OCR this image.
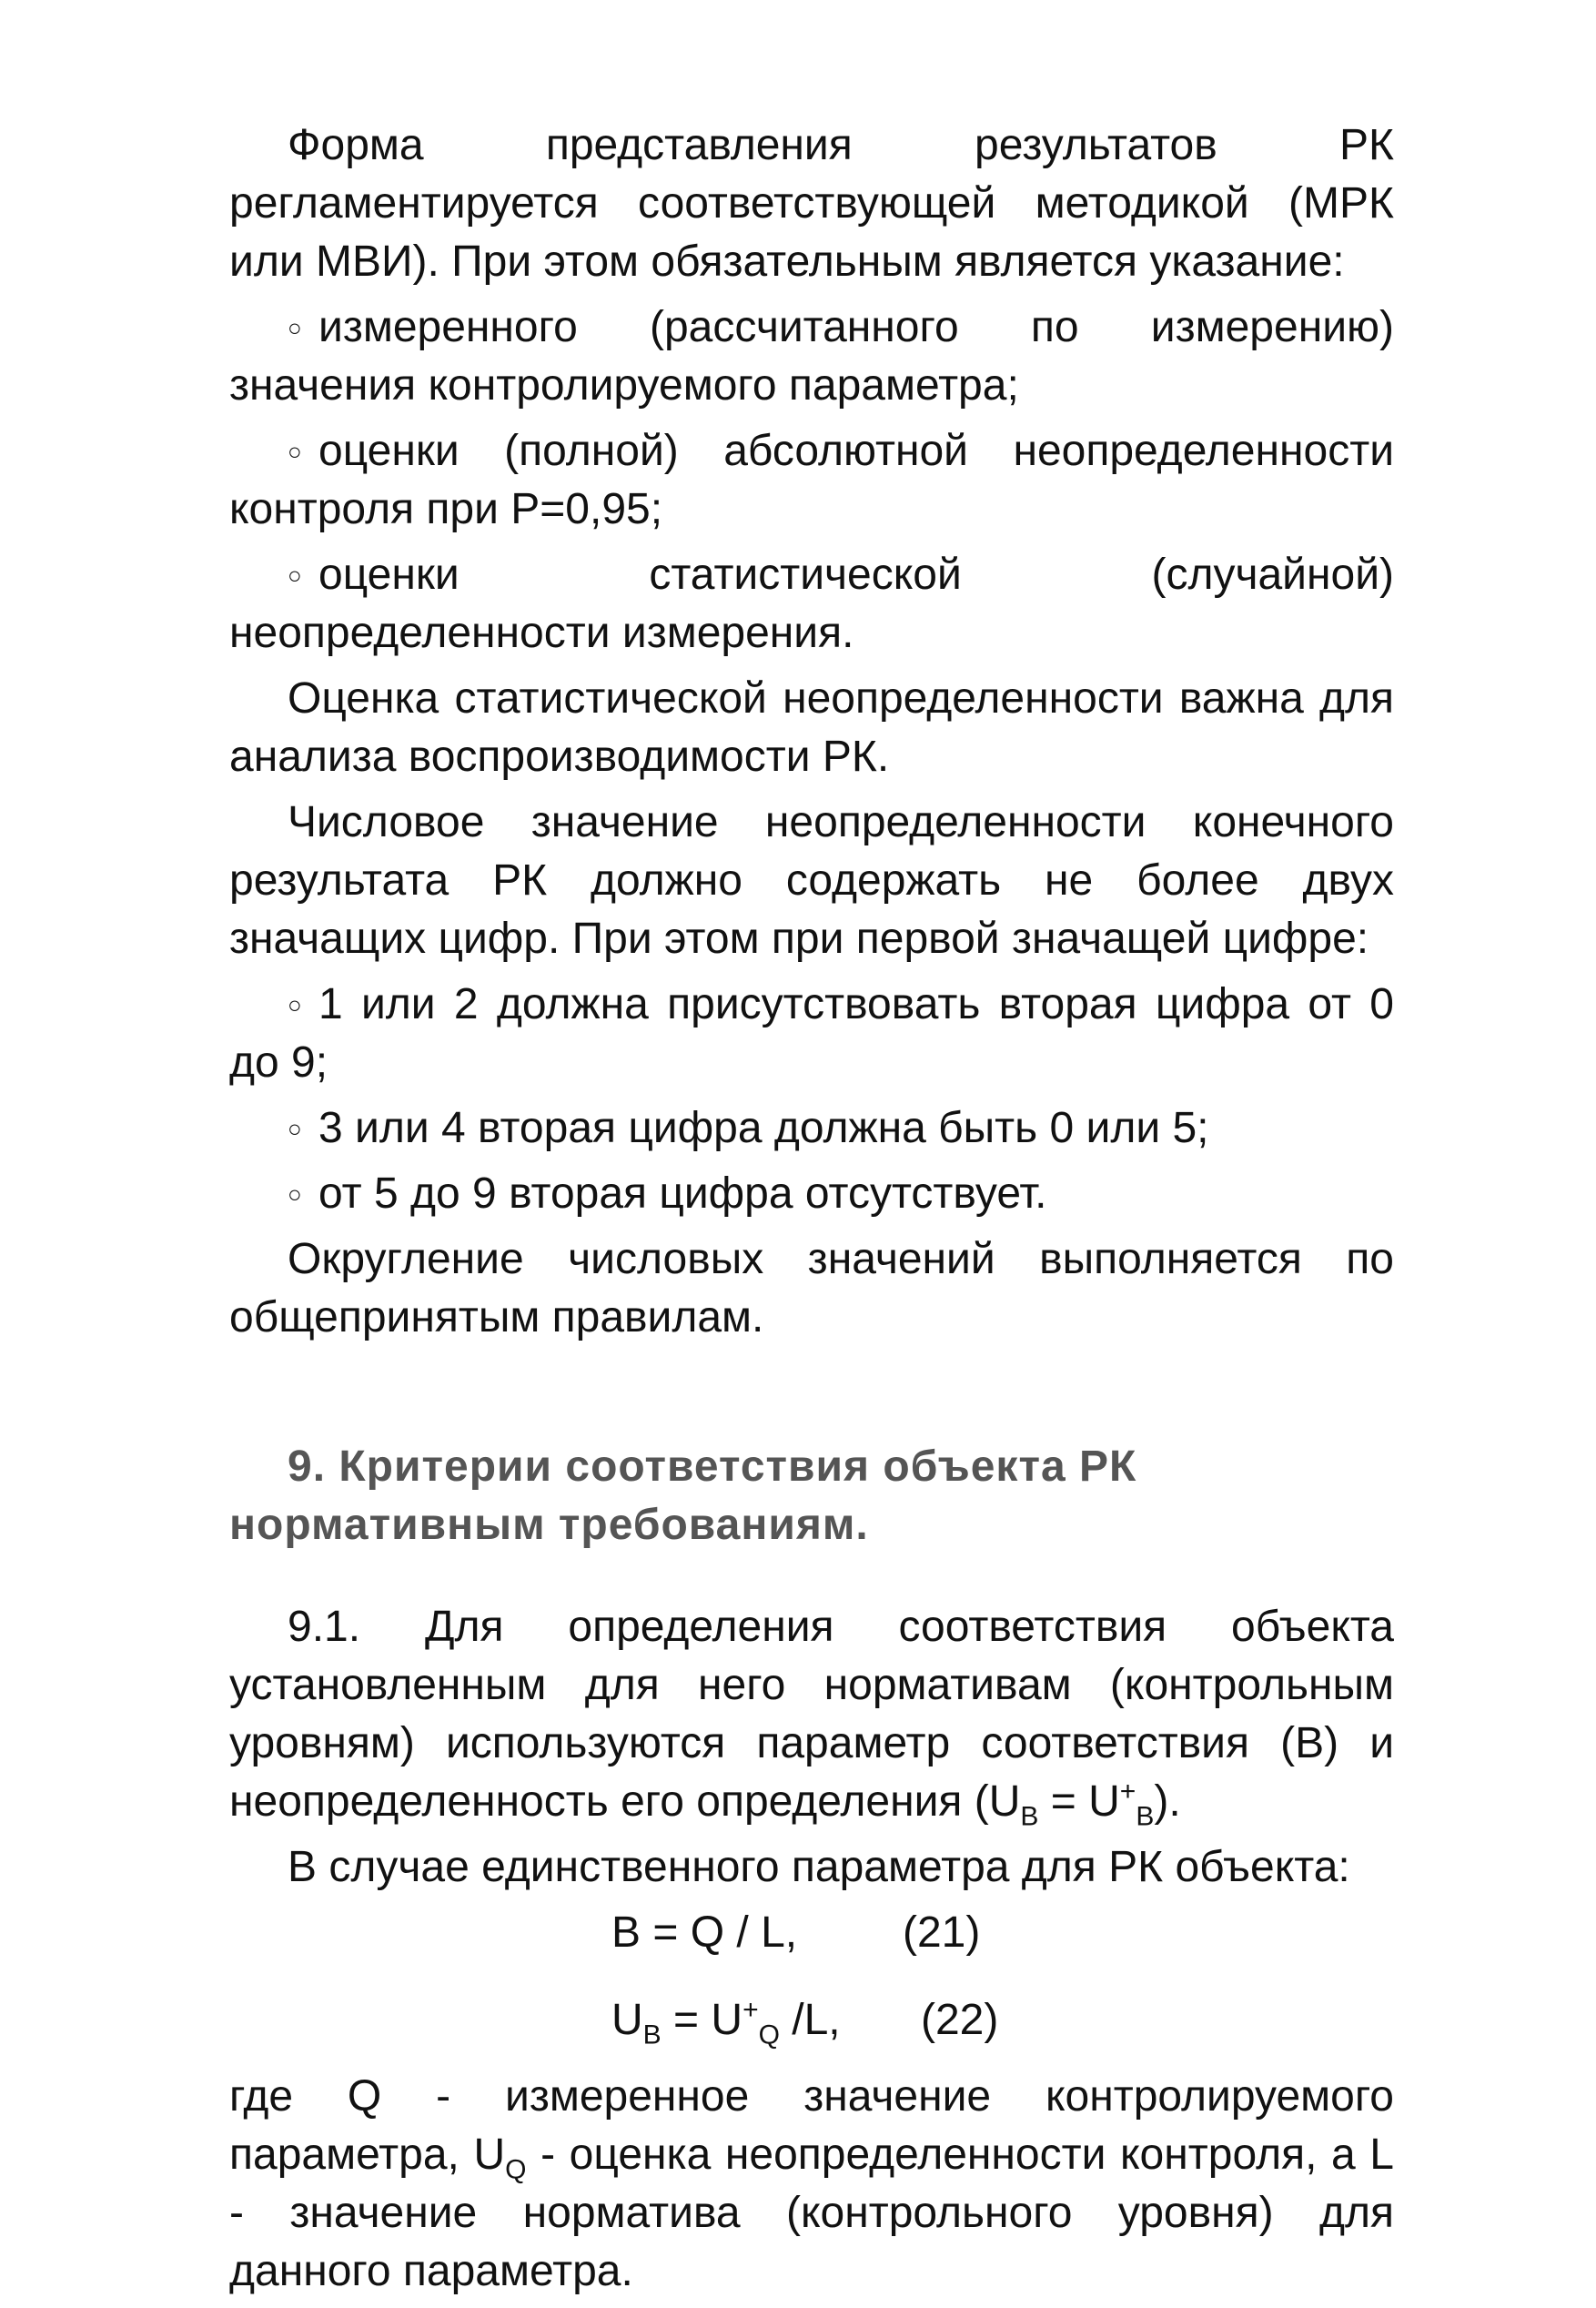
Форма представления результатов РК регламентируется соответствующей методикой (МРК или МВИ). При этом обязательным является указание:

○ измеренного (рассчитанного по измерению) значения контролируемого параметра;

○ оценки (полной) абсолютной неопределенности контроля при Р=0,95;

○ оценки статистической (случайной) неопределенности измерения.

Оценка статистической неопределенности важна для анализа воспроизводимости РК.

Числовое значение неопределенности конечного результата РК должно содержать не более двух значащих цифр. При этом при первой значащей цифре:

○ 1 или 2 должна присутствовать вторая цифра от 0 до 9;

○ 3 или 4 вторая цифра должна быть 0 или 5;

○ от 5 до 9 вторая цифра отсутствует.

Округление числовых значений выполняется по общепринятым правилам.

9. Критерии соответствия объекта РК нормативным требованиям.

9.1. Для определения соответствия объекта установленным для него нормативам (контрольным уровням) используются параметр соответствия (В) и неопределенность его определения $(U_B = U^+_B)$.

В случае единственного параметра для РК объекта:

B = Q / L, (21)
$U_B = U^+_Q$ /L, (22)

где Q - измеренное значение контролируемого параметра, $U_Q$ - оценка неопределенности контроля, а L - значение норматива (контрольного уровня) для данного параметра.
